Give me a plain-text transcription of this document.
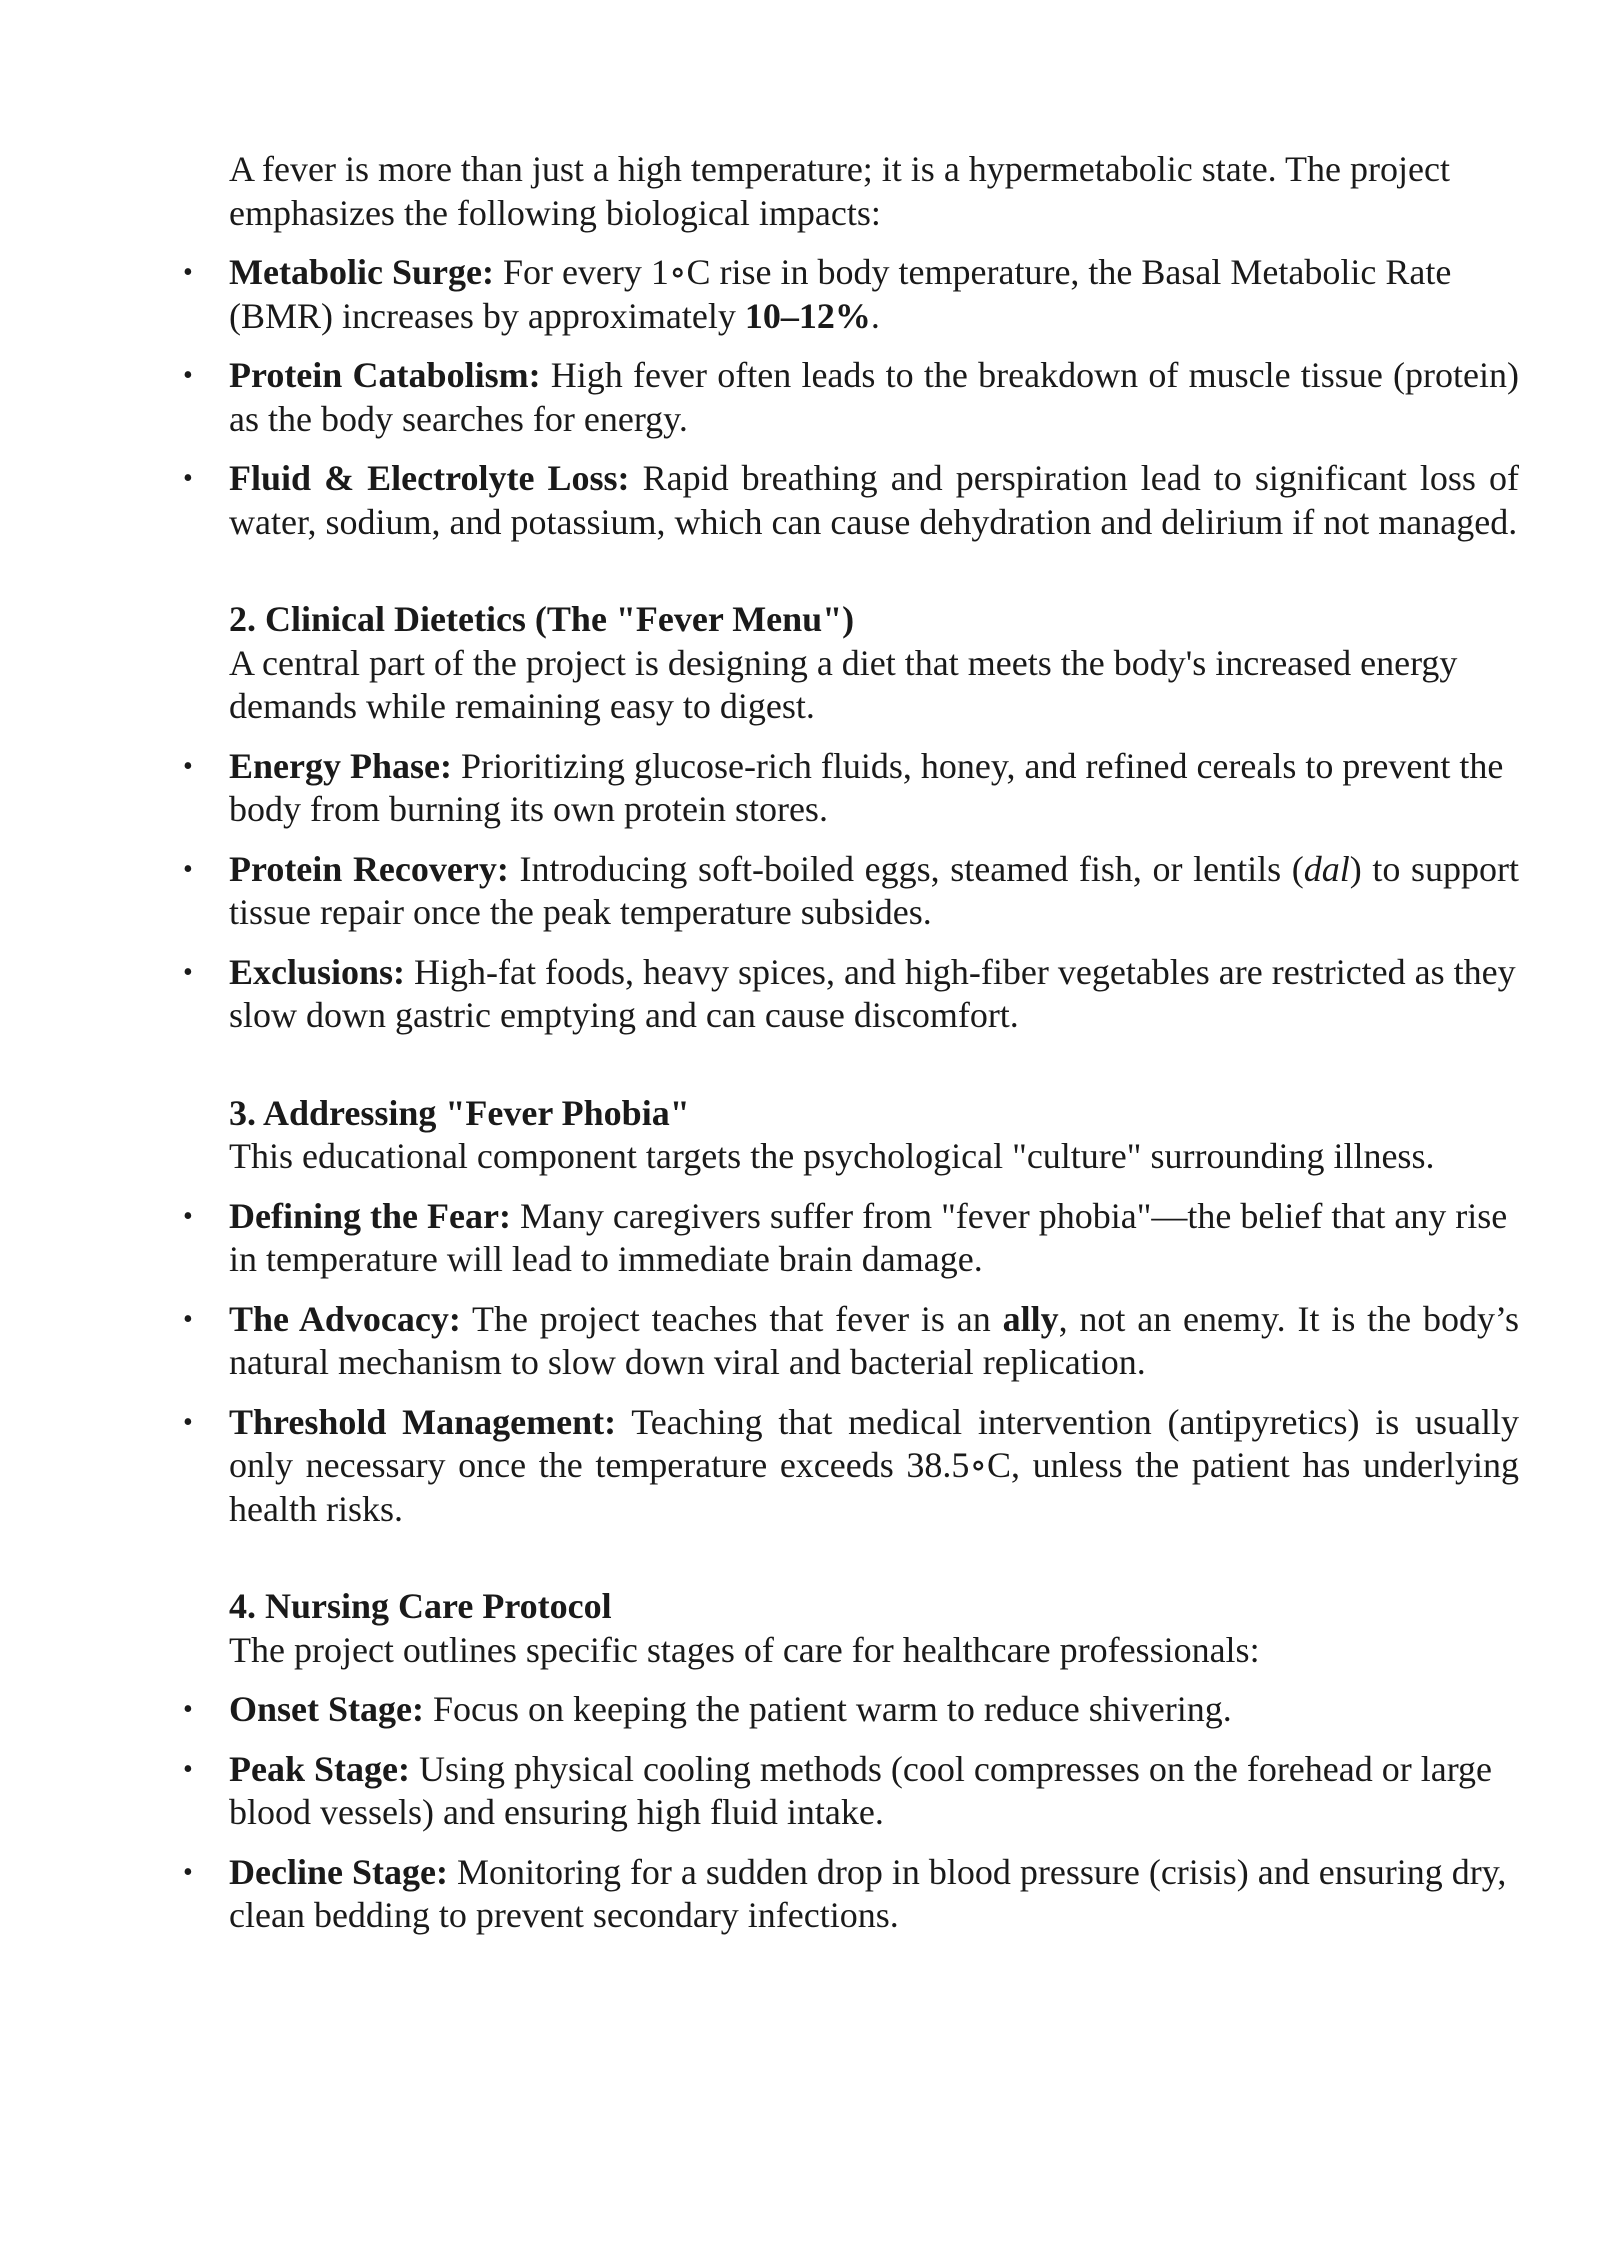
A fever is more than just a high temperature; it is a hypermetabolic state. The project emphasizes the following biological impacts:

• Metabolic Surge: For every 1∘C rise in body temperature, the Basal Metabolic Rate (BMR) increases by approximately 10–12%.
• Protein Catabolism: High fever often leads to the breakdown of muscle tissue (protein) as the body searches for energy.
• Fluid & Electrolyte Loss: Rapid breathing and perspiration lead to significant loss of water, sodium, and potassium, which can cause dehydration and delirium if not managed.

2. Clinical Dietetics (The "Fever Menu")

A central part of the project is designing a diet that meets the body's increased energy demands while remaining easy to digest.

• Energy Phase: Prioritizing glucose-rich fluids, honey, and refined cereals to prevent the body from burning its own protein stores.
• Protein Recovery: Introducing soft-boiled eggs, steamed fish, or lentils (dal) to support tissue repair once the peak temperature subsides.
• Exclusions: High-fat foods, heavy spices, and high-fiber vegetables are restricted as they slow down gastric emptying and can cause discomfort.

3. Addressing "Fever Phobia"

This educational component targets the psychological "culture" surrounding illness.

• Defining the Fear: Many caregivers suffer from "fever phobia"—the belief that any rise in temperature will lead to immediate brain damage.
• The Advocacy: The project teaches that fever is an ally, not an enemy. It is the body’s natural mechanism to slow down viral and bacterial replication.
• Threshold Management: Teaching that medical intervention (antipyretics) is usually only necessary once the temperature exceeds 38.5∘C, unless the patient has underlying health risks.

4. Nursing Care Protocol

The project outlines specific stages of care for healthcare professionals:

• Onset Stage: Focus on keeping the patient warm to reduce shivering.
• Peak Stage: Using physical cooling methods (cool compresses on the forehead or large blood vessels) and ensuring high fluid intake.
• Decline Stage: Monitoring for a sudden drop in blood pressure (crisis) and ensuring dry, clean bedding to prevent secondary infections.
